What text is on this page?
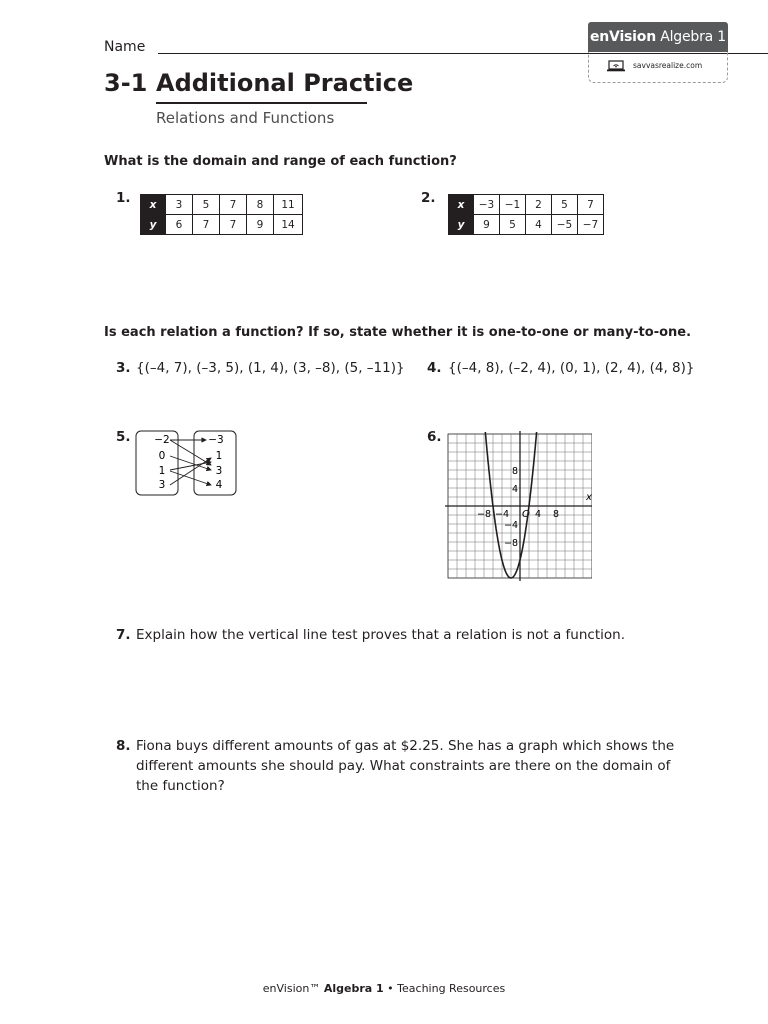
Name
enVision Algebra 1
savvasrealize.com
3-1 Additional Practice
Relations and Functions
What is the domain and range of each function?
1. x	3	5	7	8	11
y	6	7	7	9	14
2. x	−3	−1	2	5	7
y	9	5	4	−5	−7
Is each relation a function? If so, state whether it is one-to-one or many-to-one.
3. {(–4, 7), (–3, 5), (1, 4), (3, –8), (5, –11)} 4. {(–4, 8), (–2, 4), (0, 1), (2, 4), (4, 8)}
5. −2
0
1
3
−3
1
3
4
6.
−8 −4	4 8
8
4
−4
−8
x
O
7. Explain how the vertical line test proves that a relation is not a function.
8. Fiona buys different amounts of gas at $2.25. She has a graph which shows the
different amounts she should pay. What constraints are there on the domain of
the function?
enVision™ Algebra 1 • Teaching Resources
